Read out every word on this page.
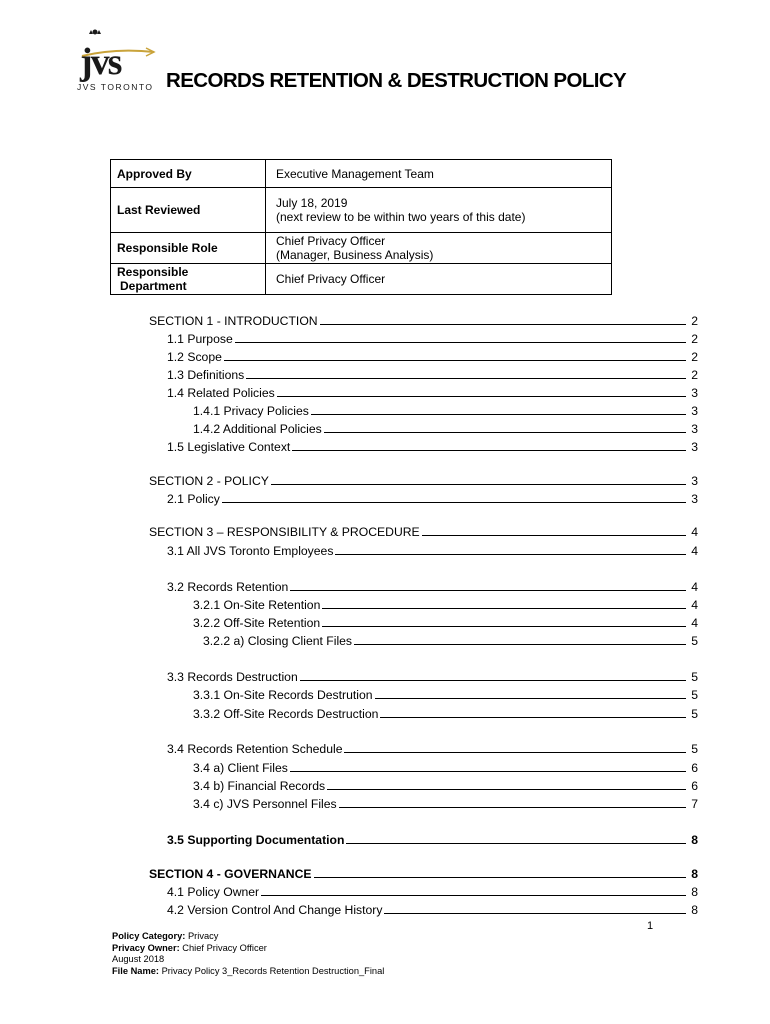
jvs
JVS TORONTO RECORDS RETENTION & DESTRUCTION POLICY
Approved By	Executive Management Team
Last Reviewed	July 18, 2019
(next review to be within two years of this date)

Responsible Role	Chief Privacy Officer
(Manager, Business Analysis)

Responsible
Department	Chief Privacy Officer
SECTION 1 - INTRODUCTION	2
1.1 Purpose	2
1.2 Scope	2
1.3 Definitions	2
1.4 Related Policies	3
1.4.1 Privacy Policies	3
1.4.2 Additional Policies	3
1.5 Legislative Context	3
SECTION 2 - POLICY	3
2.1 Policy	3
SECTION 3 – RESPONSIBILITY & PROCEDURE	4
3.1 All JVS Toronto Employees	4
3.2 Records Retention	4
3.2.1 On-Site Retention	4
3.2.2 Off-Site Retention	4
3.2.2 a) Closing Client Files	5
3.3 Records Destruction	5
3.3.1 On-Site Records Destrution	5
3.3.2 Off-Site Records Destruction	5
3.4 Records Retention Schedule	5
3.4 a) Client Files	6
3.4 b) Financial Records	6
3.4 c) JVS Personnel Files	7
3.5 Supporting Documentation	8
SECTION 4 - GOVERNANCE	8
4.1 Policy Owner	8
4.2 Version Control And Change History	8
1
Policy Category: Privacy
Privacy Owner: Chief Privacy Officer
August 2018
File Name: Privacy Policy 3_Records Retention Destruction_Final
